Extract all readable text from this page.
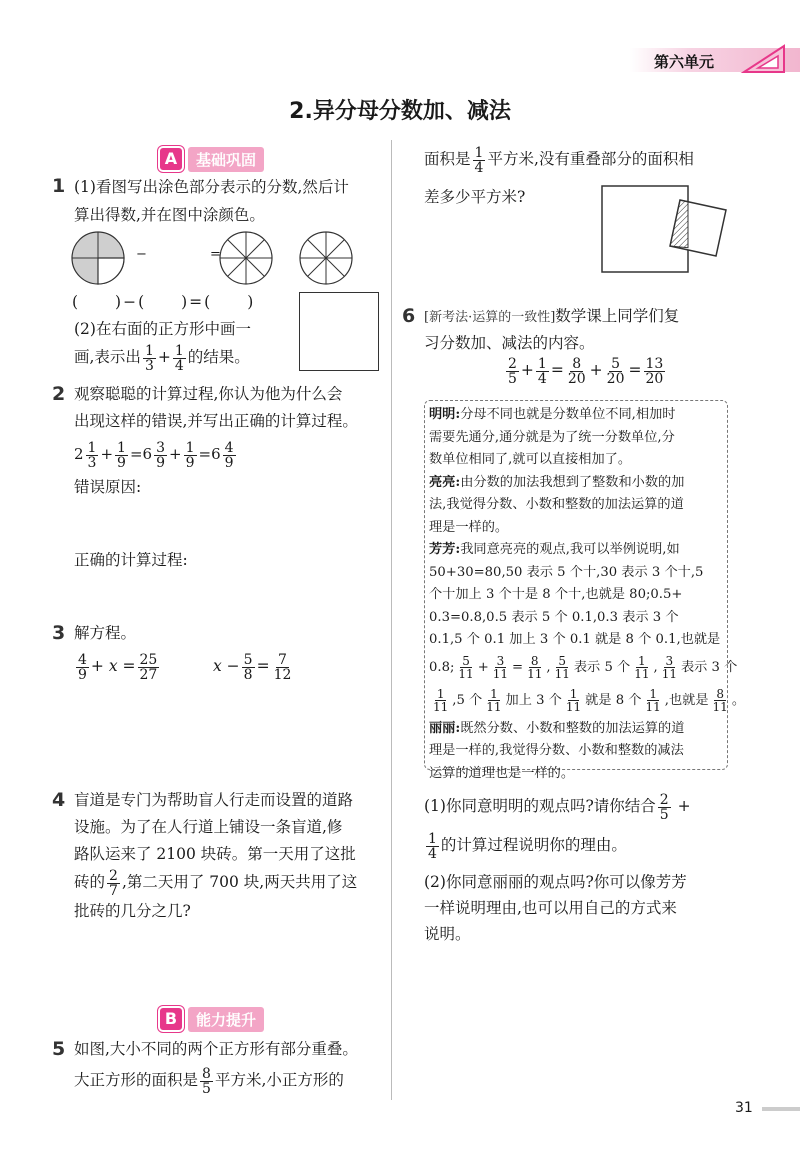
第六单元
2.异分母分数加、减法
A	基础巩固
1 (1)看图写出涂色部分表示的分数,然后计
算出得数,并在图中涂颜色。
−	=
(　　)−(　　)=(　　)
(2)在右面的正方形中画一
画,表示出 $\frac{1}{3} + \frac{1}{4}$ 的结果。
2 观察聪聪的计算过程,你认为他为什么会
出现这样的错误,并写出正确的计算过程。
$2 \frac{1}{3} + \frac{1}{9} =6 \frac{3}{9} + \frac{1}{9} =6 \frac{4}{9}$
错误原因:
正确的计算过程:
3 解方程。
$\frac{4}{9} + x = \frac{25}{27}$	$x - \frac{5}{8} = \frac{7}{12}$
4 盲道是专门为帮助盲人行走而设置的道路
设施。为了在人行道上铺设一条盲道,修
路队运来了 2100 块砖。第一天用了这批
砖的 $\frac{2}{7}$ ,第二天用了 700 块,两天共用了这
批砖的几分之几?
B	能力提升
5 如图,大小不同的两个正方形有部分重叠。
大正方形的面积是 $\frac{8}{5}$ 平方米,小正方形的
面积是 $\frac{1}{4}$ 平方米,没有重叠部分的面积相
差多少平方米?
6 [新考法·运算的一致性]数学课上同学们复
习分数加、减法的内容。
$\frac{2}{5} + \frac{1}{4} = \frac{8}{20} + \frac{5}{20} = \frac{13}{20}$
明明:分母不同也就是分数单位不同,相加时
需要先通分,通分就是为了统一分数单位,分
数单位相同了,就可以直接相加了。
亮亮:由分数的加法我想到了整数和小数的加
法,我觉得分数、小数和整数的加法运算的道
理是一样的。
芳芳:我同意亮亮的观点,我可以举例说明,如
50+30=80,50 表示 5 个十,30 表示 3 个十,5
个十加上 3 个十是 8 个十,也就是 80;0.5+
0.3=0.8,0.5 表示 5 个 0.1,0.3 表示 3 个
0.1,5 个 0.1 加上 3 个 0.1 就是 8 个 0.1,也就是
0.8; $\frac{5}{11} + \frac{3}{11} = \frac{8}{11}$ , $\frac{5}{11}$ 表示 5 个 $\frac{1}{11}$ , $\frac{3}{11}$ 表示 3 个
$\frac{1}{11} ,5$ 个 $\frac{1}{11}$ 加上 3 个 $\frac{1}{11}$ 就是 8 个 $\frac{1}{11}$ ,也就是 $\frac{8}{11}$ 。
丽丽:既然分数、小数和整数的加法运算的道
理是一样的,我觉得分数、小数和整数的减法
运算的道理也是一样的。
(1)你同意明明的观点吗?请你结合 $\frac{2}{5}$ +
$\frac{1}{4}$ 的计算过程说明你的理由。
(2)你同意丽丽的观点吗?你可以像芳芳
一样说明理由,也可以用自己的方式来
说明。
31
